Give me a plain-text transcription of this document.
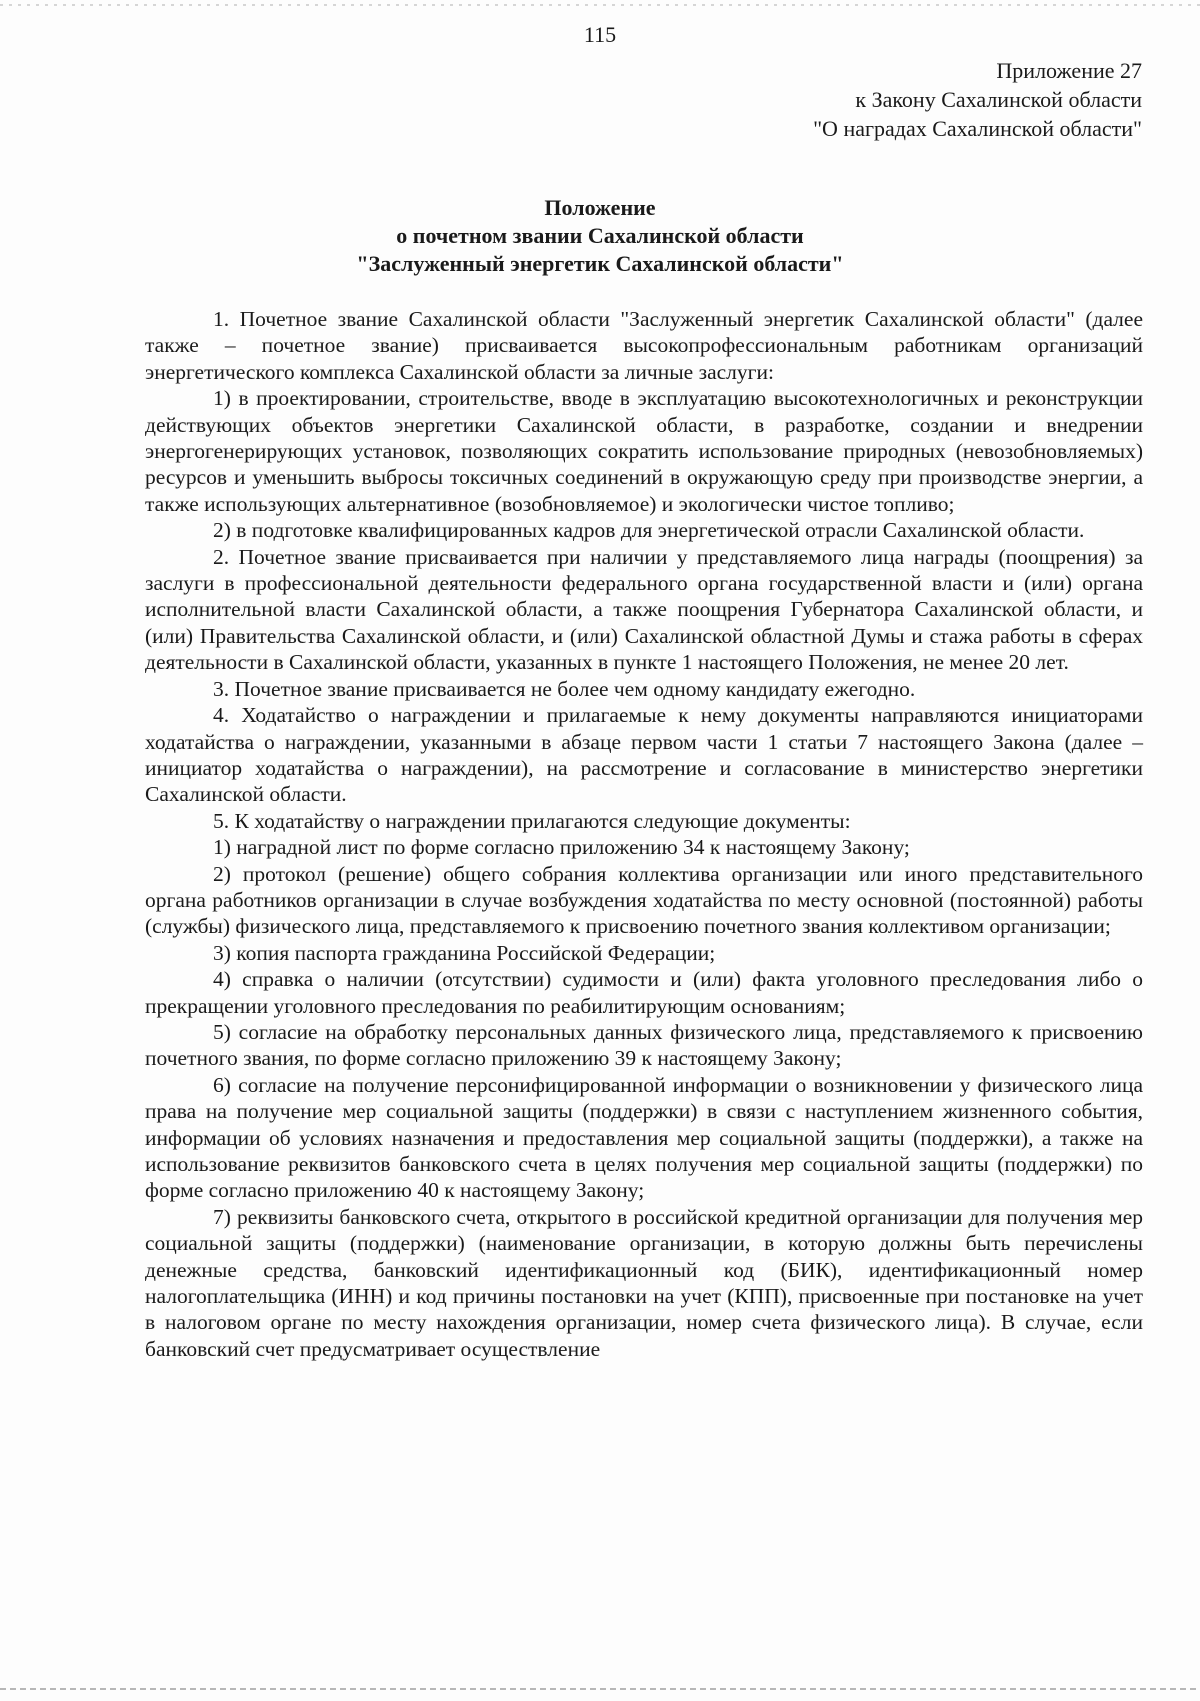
115
Приложение 27
к Закону Сахалинской области
"О наградах Сахалинской области"
Положение
о почетном звании Сахалинской области
"Заслуженный энергетик Сахалинской области"

1. Почетное звание Сахалинской области "Заслуженный энергетик Сахалинской области" (далее также – почетное звание) присваивается высокопрофессиональным работникам организаций энергетического комплекса Сахалинской области за личные заслуги:

1) в проектировании, строительстве, вводе в эксплуатацию высокотехнологичных и реконструкции действующих объектов энергетики Сахалинской области, в разработке, создании и внедрении энергогенерирующих установок, позволяющих сократить использование природных (невозобновляемых) ресурсов и уменьшить выбросы токсичных соединений в окружающую среду при производстве энергии, а также использующих альтернативное (возобновляемое) и экологически чистое топливо;

2) в подготовке квалифицированных кадров для энергетической отрасли Сахалинской области.

2. Почетное звание присваивается при наличии у представляемого лица награды (поощрения) за заслуги в профессиональной деятельности федерального органа государственной власти и (или) органа исполнительной власти Сахалинской области, а также поощрения Губернатора Сахалинской области, и (или) Правительства Сахалинской области, и (или) Сахалинской областной Думы и стажа работы в сферах деятельности в Сахалинской области, указанных в пункте 1 настоящего Положения, не менее 20 лет.

3. Почетное звание присваивается не более чем одному кандидату ежегодно.

4. Ходатайство о награждении и прилагаемые к нему документы направляются инициаторами ходатайства о награждении, указанными в абзаце первом части 1 статьи 7 настоящего Закона (далее – инициатор ходатайства о награждении), на рассмотрение и согласование в министерство энергетики Сахалинской области.

5. К ходатайству о награждении прилагаются следующие документы:

1) наградной лист по форме согласно приложению 34 к настоящему Закону;

2) протокол (решение) общего собрания коллектива организации или иного представительного органа работников организации в случае возбуждения ходатайства по месту основной (постоянной) работы (службы) физического лица, представляемого к присвоению почетного звания коллективом организации;

3) копия паспорта гражданина Российской Федерации;

4) справка о наличии (отсутствии) судимости и (или) факта уголовного преследования либо о прекращении уголовного преследования по реабилитирующим основаниям;

5) согласие на обработку персональных данных физического лица, представляемого к присвоению почетного звания, по форме согласно приложению 39 к настоящему Закону;

6) согласие на получение персонифицированной информации о возникновении у физического лица права на получение мер социальной защиты (поддержки) в связи с наступлением жизненного события, информации об условиях назначения и предоставления мер социальной защиты (поддержки), а также на использование реквизитов банковского счета в целях получения мер социальной защиты (поддержки) по форме согласно приложению 40 к настоящему Закону;

7) реквизиты банковского счета, открытого в российской кредитной организации для получения мер социальной защиты (поддержки) (наименование организации, в которую должны быть перечислены денежные средства, банковский идентификационный код (БИК), идентификационный номер налогоплательщика (ИНН) и код причины постановки на учет (КПП), присвоенные при постановке на учет в налоговом органе по месту нахождения организации, номер счета физического лица). В случае, если банковский счет предусматривает осуществление
